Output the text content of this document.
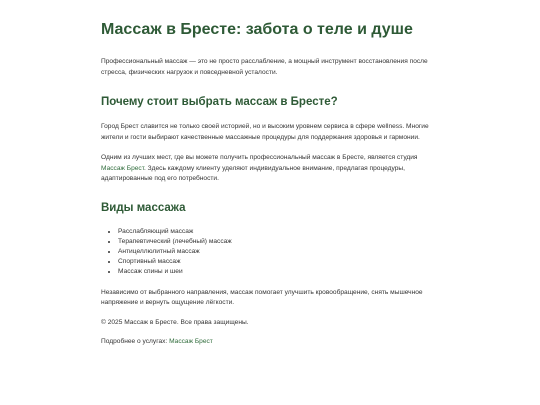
Массаж в Бресте: забота о теле и душе

Профессиональный массаж — это не просто расслабление, а мощный инструмент восстановления после стресса, физических нагрузок и повседневной усталости.

Почему стоит выбрать массаж в Бресте?

Город Брест славится не только своей историей, но и высоким уровнем сервиса в сфере wellness. Многие жители и гости выбирают качественные массажные процедуры для поддержания здоровья и гармонии.

Одним из лучших мест, где вы можете получить профессиональный массаж в Бресте, является студия Массаж Брест. Здесь каждому клиенту уделяют индивидуальное внимание, предлагая процедуры, адаптированные под его потребности.

Виды массажа
• Расслабляющий массаж
• Терапевтический (лечебный) массаж
• Антицеллюлитный массаж
• Спортивный массаж
• Массаж спины и шеи

Независимо от выбранного направления, массаж помогает улучшить кровообращение, снять мышечное напряжение и вернуть ощущение лёгкости.

© 2025 Массаж в Бресте. Все права защищены.

Подробнее о услугах: Массаж Брест
